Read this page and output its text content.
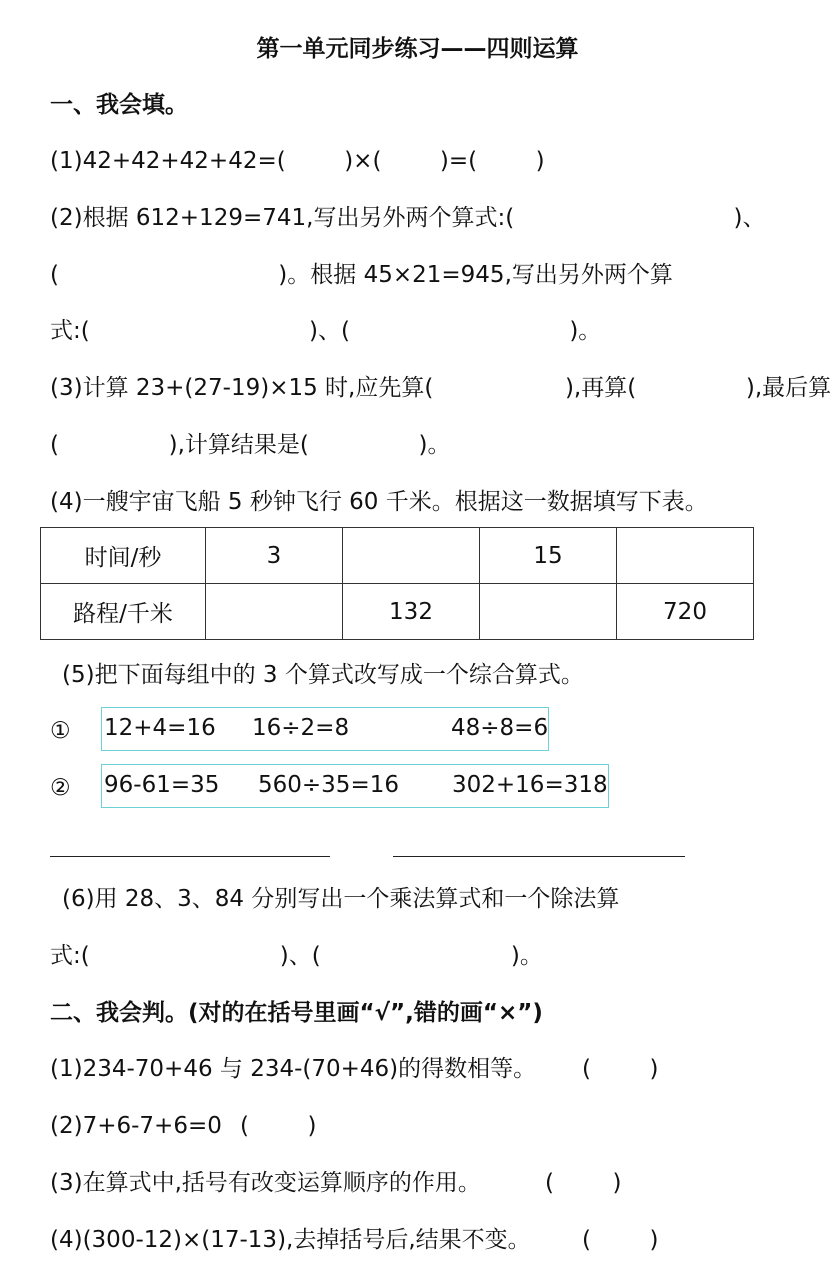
第一单元同步练习——四则运算
一、我会填。
(1)42+42+42+42=(        )×(        )=(        )
(2)根据 612+129=741,写出另外两个算式:(                              )、
(                              )。根据 45×21=945,写出另外两个算
式:(                              )、(                              )。
(3)计算 23+(27-19)×15 时,应先算(                  ),再算(               ),最后算
(               ),计算结果是(               )。
(4)一艘宇宙飞船 5 秒钟飞行 60 千米。根据这一数据填写下表。
时间/秒	3		15	
路程/千米		132		720
(5)把下面每组中的 3 个算式改写成一个综合算式。
① 12+4=16 16÷2=8	48÷8=6
② 96-61=35 560÷35=16 302+16=318
(6)用 28、3、84 分别写出一个乘法算式和一个除法算
式:(                          )、(                          )。
二、我会判。(对的在括号里画“√”,错的画“×”)
(1)234-70+46 与 234-(70+46)的得数相等。 (        )
(2)7+6-7+6=0 (        )
(3)在算式中,括号有改变运算顺序的作用。	(        )
(4)(300-12)×(17-13),去掉括号后,结果不变。 (        )
